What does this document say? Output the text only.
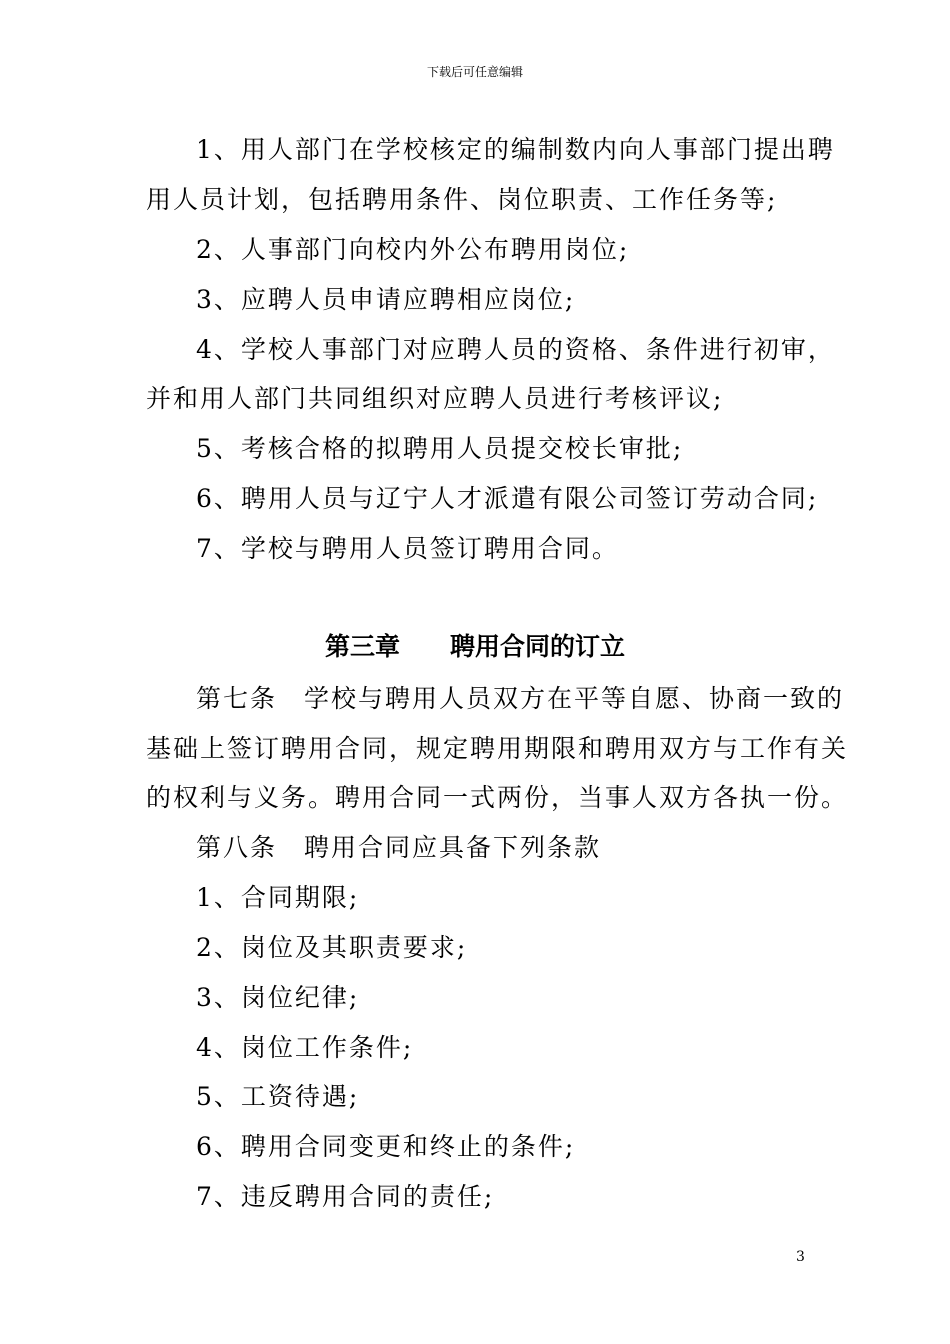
下载后可任意编辑
1、用人部门在学校核定的编制数内向人事部门提出聘
用人员计划，包括聘用条件、岗位职责、工作任务等;
2、人事部门向校内外公布聘用岗位;
3、应聘人员申请应聘相应岗位;
4、学校人事部门对应聘人员的资格、条件进行初审，
并和用人部门共同组织对应聘人员进行考核评议;
5、考核合格的拟聘用人员提交校长审批;
6、聘用人员与辽宁人才派遣有限公司签订劳动合同;
7、学校与聘用人员签订聘用合同。
第三章　　聘用合同的订立
第七条　学校与聘用人员双方在平等自愿、协商一致的
基础上签订聘用合同，规定聘用期限和聘用双方与工作有关
的权利与义务。聘用合同一式两份，当事人双方各执一份。
第八条　聘用合同应具备下列条款
1、合同期限;
2、岗位及其职责要求;
3、岗位纪律;
4、岗位工作条件;
5、工资待遇;
6、聘用合同变更和终止的条件;
7、违反聘用合同的责任;
3
